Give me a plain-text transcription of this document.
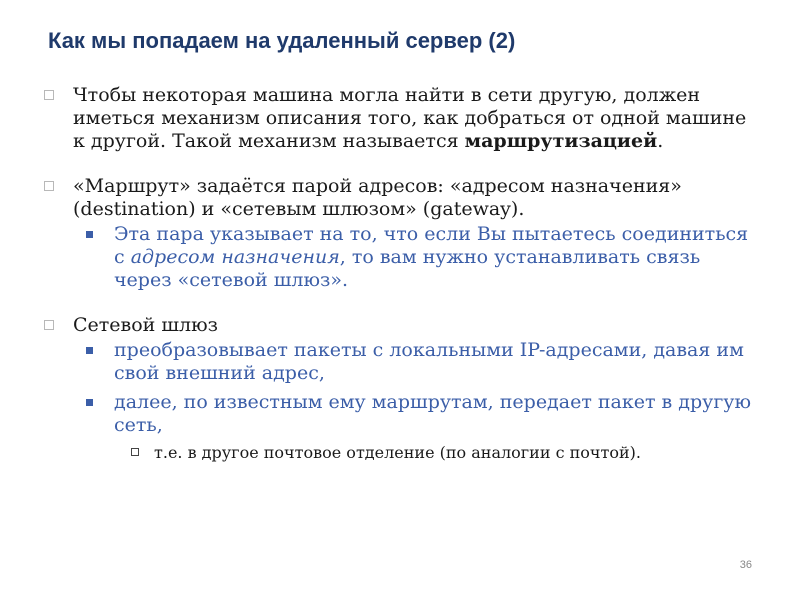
Как мы попадаем на удаленный сервер (2)
Чтобы некоторая машина могла найти в сети другую, должен иметься механизм описания того, как добраться от одной машине к другой. Такой механизм называется маршрутизацией.
«Маршрут» задаётся парой адресов: «адресом назначения» (destination) и «сетевым шлюзом» (gateway).
Эта пара указывает на то, что если Вы пытаетесь соединиться с адресом назначения, то вам нужно устанавливать связь через «сетевой шлюз».
Сетевой шлюз
преобразовывает пакеты с локальными IP-адресами, давая им свой внешний адрес,
далее, по известным ему маршрутам, передает пакет в другую сеть,
т.е. в другое почтовое отделение (по аналогии с почтой).
36
